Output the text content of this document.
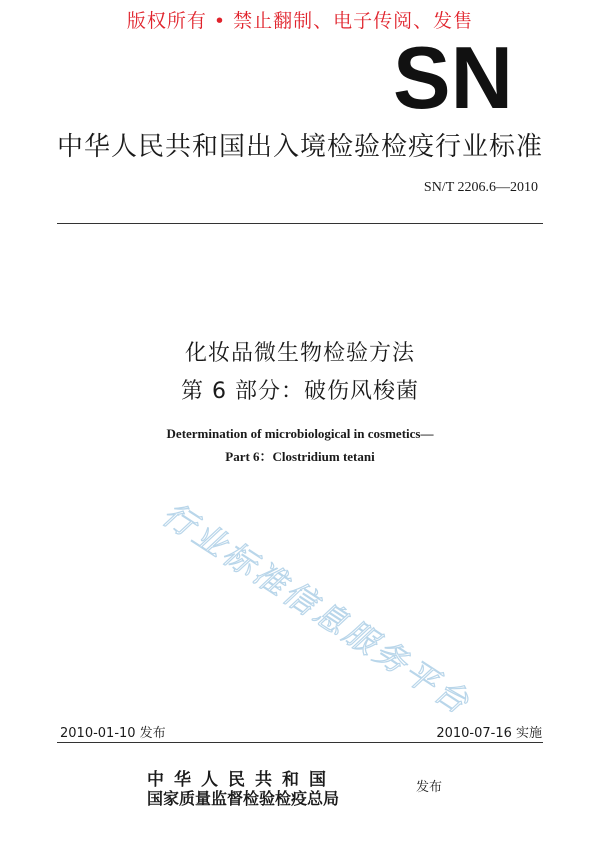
版权所有 • 禁止翻制、电子传阅、发售
SN
中华人民共和国出入境检验检疫行业标准
SN/T 2206.6—2010
化妆品微生物检验方法
第 6 部分：破伤风梭菌
Determination of microbiological in cosmetics—
Part 6：Clostridium tetani
行业标准信息服务平台
2010-01-10 发布	2010-07-16 实施
中华人民共和国
国家质量监督检验检疫总局
发布
